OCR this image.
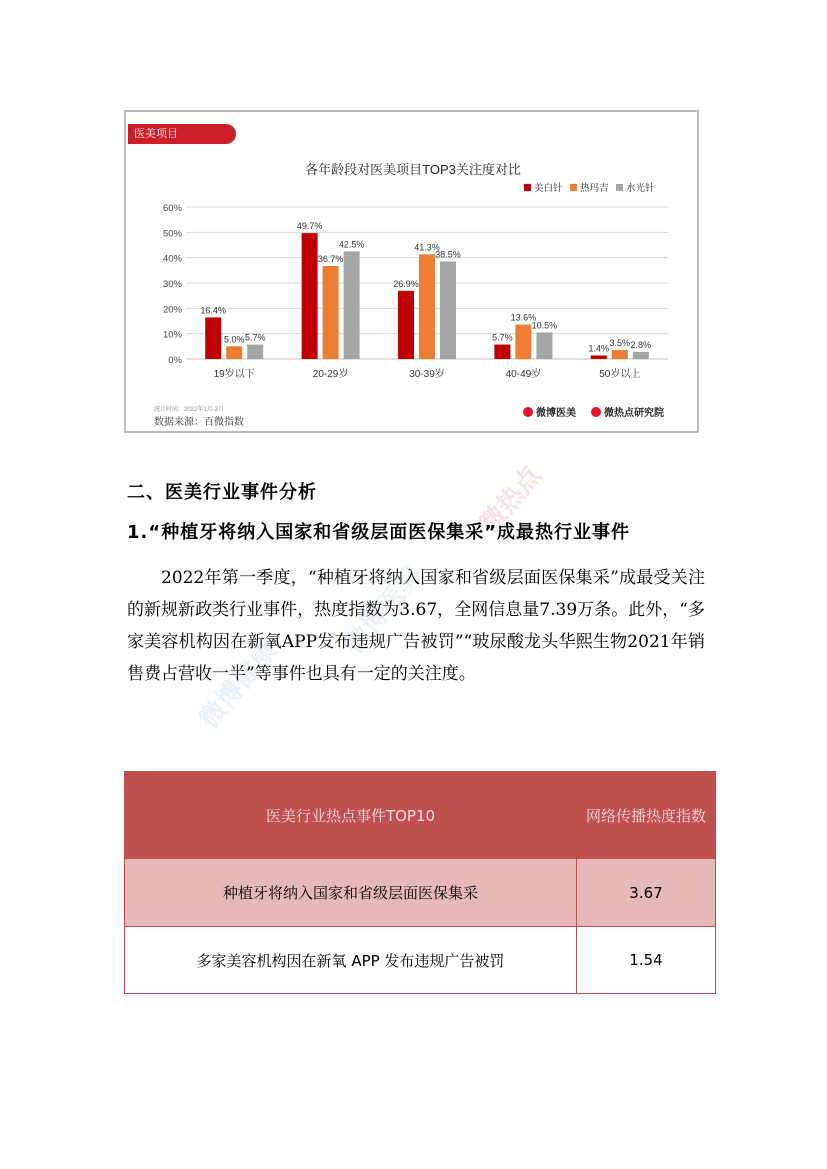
微博健康
微博医美
微热点
各年龄段对医美项目TOP3关注度对比
美白针 热玛吉 水光针
0%
10%
20%
30%
40%
50%
60%
16.4%
5.0% 5.7%
19岁以下
49.7%
36.7%
42.5%
20-29岁
26.9%
41.3%
38.5%
30-39岁
5.7%
13.6%
10.5%
40-49岁
1.4%
3.5% 2.8%
50岁以上
统计时间：2022年1月-3月
数据来源：百微指数
微博医美	微热点研究院
医美项目
二、医美行业事件分析
1.“种植牙将纳入国家和省级层面医保集采”成最热行业事件

2022年第一季度，“种植牙将纳入国家和省级层面医保集采”成最受关注的新规新政类行业事件，热度指数为3.67，全网信息量7.39万条。此外，“多家美容机构因在新氧APP发布违规广告被罚”“玻尿酸龙头华熙生物2021年销售费占营收一半”等事件也具有一定的关注度。

医美行业热点事件TOP10	网络传播热度指数
种植牙将纳入国家和省级层面医保集采	3.67
多家美容机构因在新氧 APP 发布违规广告被罚	1.54
